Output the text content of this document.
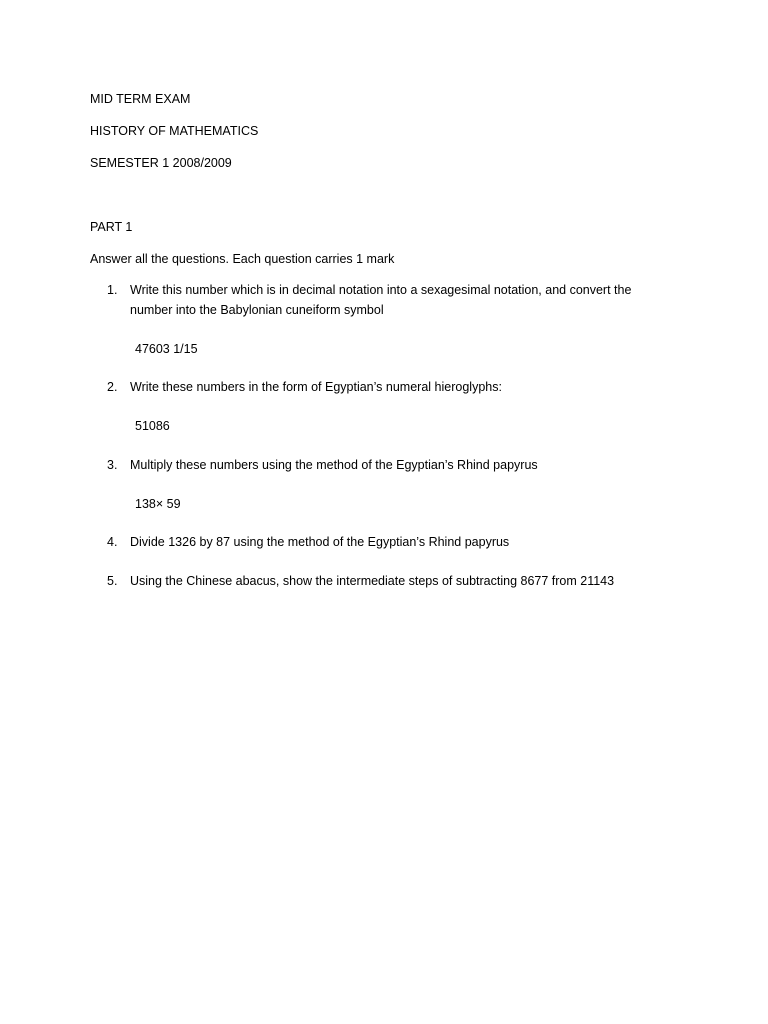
MID TERM EXAM
HISTORY OF MATHEMATICS
SEMESTER 1 2008/2009
PART 1
Answer all the questions. Each question carries 1 mark
1.	Write this number which is in decimal notation into a sexagesimal notation, and convert the
number into the Babylonian cuneiform symbol
47603 1/15
2.	Write these numbers in the form of Egyptian’s numeral hieroglyphs:
51086
3.	Multiply these numbers using the method of the Egyptian’s Rhind papyrus
138× 59
4.	Divide 1326 by 87 using the method of the Egyptian’s Rhind papyrus
5.	Using the Chinese abacus, show the intermediate steps of subtracting 8677 from 21143
